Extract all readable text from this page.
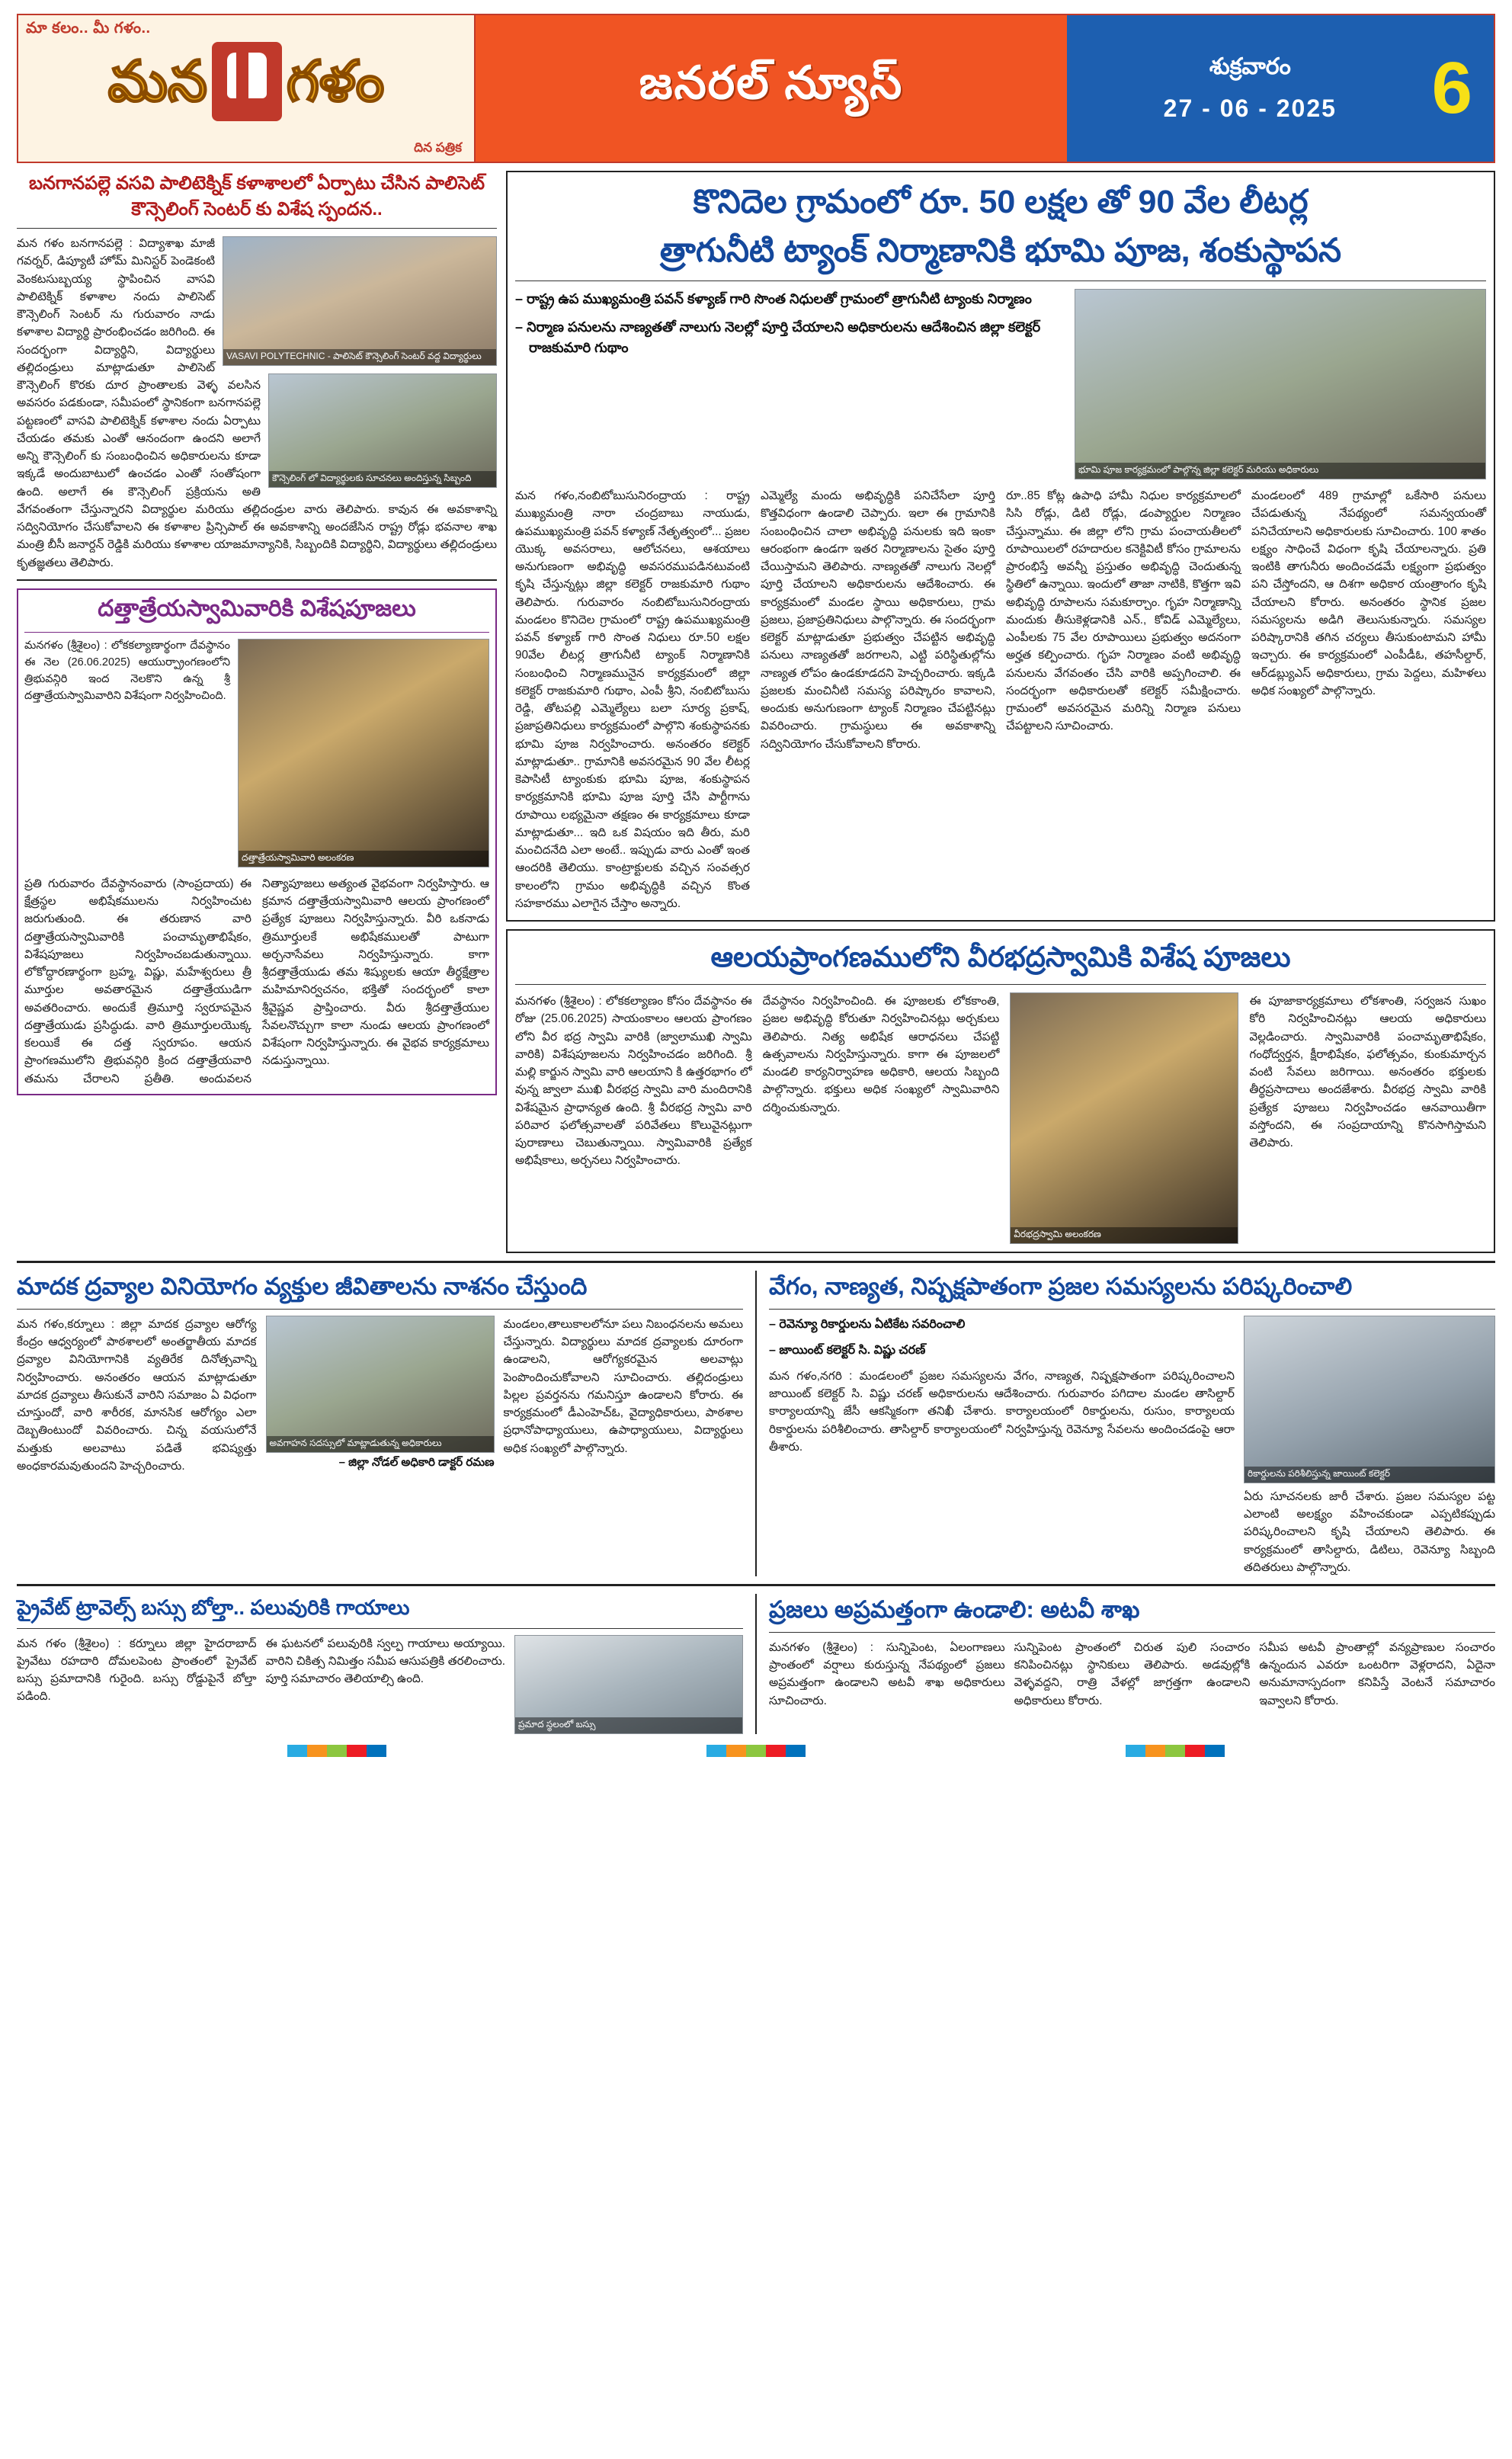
మా కలం.. మీ గళం..
మన గళం
దిన పత్రిక
జనరల్ న్యూస్	శుక్రవారం
27 - 06 - 2025	6
బనగానపల్లె వసవి పాలిటెక్నిక్ కళాశాలలో ఏర్పాటు చేసిన పాలిసెట్ కౌన్సెలింగ్ సెంటర్ కు విశేష స్పందన..
VASAVI POLYTECHNIC - పాలిసెట్ కౌన్సెలింగ్ సెంటర్ వద్ద విద్యార్థులు
కౌన్సెలింగ్ లో విద్యార్థులకు సూచనలు అందిస్తున్న సిబ్బంది
మన గళం బనగానపల్లె : విద్యాశాఖ మాజీ గవర్నర్, డిప్యూటీ హోమ్ మినిస్టర్ పెండెకంటి వెంకటసుబ్బయ్య స్థాపించిన వాసవి పాలిటెక్నిక్ కళాశాల నందు పాలిసెట్ కౌన్సెలింగ్ సెంటర్ ను గురువారం నాడు కళాశాల విద్యార్థి ప్రారంభించడం జరిగింది. ఈ సందర్భంగా విద్యార్థిని, విద్యార్థులు తల్లిదండ్రులు మాట్లాడుతూ పాలిసెట్ కౌన్సెలింగ్ కొరకు దూర ప్రాంతాలకు వెళ్ళ వలసిన అవసరం పడకుండా, సమీపంలో స్థానికంగా బనగానపల్లె పట్టణంలో వాసవి పాలిటెక్నిక్ కళాశాల నందు ఏర్పాటు చేయడం తమకు ఎంతో ఆనందంగా ఉందని అలాగే అన్ని కౌన్సెలింగ్ కు సంబంధించిన అధికారులను కూడా ఇక్కడే అందుబాటులో ఉంచడం ఎంతో సంతోషంగా ఉంది. అలాగే ఈ కౌన్సెలింగ్ ప్రక్రియను అతి వేగవంతంగా చేస్తున్నారని విద్యార్థుల మరియు తల్లిదండ్రుల వారు తెలిపారు. కావున ఈ అవకాశాన్ని సద్వినియోగం చేసుకోవాలని ఈ కళాశాల ప్రిన్సిపాల్ ఈ అవకాశాన్ని అందజేసిన రాష్ట్ర రోడ్లు భవనాల శాఖ మంత్రి బీసీ జనార్దన్ రెడ్డికి మరియు కళాశాల యాజమాన్యానికి, సిబ్బందికి విద్యార్థిని, విద్యార్థులు తల్లిదండ్రులు కృతజ్ఞతలు తెలిపారు.
దత్తాత్రేయస్వామివారికి విశేషపూజలు
దత్తాత్రేయస్వామివారి అలంకరణ
మనగళం (శ్రీశైలం) : లోకకల్యాణార్థంగా దేవస్థానం ఈ నెల (26.06.2025) ఆయుర్ప్రాంగణంలోని త్రిభువన్గిరి ఇంద నెలకొని ఉన్న శ్రీ దత్తాత్రేయస్వామివారిని విశేషంగా నిర్వహించింది.
ప్రతి గురువారం దేవస్థానంవారు (సాంప్రదాయ) ఈ క్షేత్రస్థల అభిషేకములను నిర్వహించుట జరుగుతుంది. ఈ తరుణాన వారి దత్తాత్రేయస్వామివారికి పంచామృతాభిషేకం, విశేషపూజలు నిర్వహించబడుతున్నాయి. లోకోద్ధారణార్థంగా బ్రహ్మ, విష్ణు, మహేశ్వరులు త్రీ మూర్తుల అవతారమైన దత్తాత్రేయుడిగా అవతరించారు. అందుకే త్రిమూర్తి స్వరూపమైన దత్తాత్రేయుడు ప్రసిద్ధుడు. వారి త్రిమూర్తులయొక్క కలయికే ఈ దత్త స్వరూపం. ఆయన ప్రాంగణములోని త్రిభువన్గిరి క్రింద దత్తాత్రేయవారి తమను చేరాలని ప్రతీతి. అందువలన నిత్యాపూజలు అత్యంత వైభవంగా నిర్వహిస్తారు. ఆ క్రమాన దత్తాత్రేయస్వామివారి ఆలయ ప్రాంగణంలో ప్రత్యేక పూజలు నిర్వహిస్తున్నారు. వీరి ఒకనాడు త్రిమూర్తులకే అభిషేకములతో పాటుగా అర్చనాసేవలు నిర్వహిస్తున్నారు. కాగా శ్రీదత్తాత్రేయుడు తమ శిష్యులకు ఆయా తీర్థక్షేత్రాల మహిమానిర్వచనం, భక్తితో సందర్భంలో కాలా శ్రీవైష్ణవ ప్రాప్తించారు. వీరు శ్రీదత్తాత్రేయుల సేవలనొచ్చుగా కాలా నుండు ఆలయ ప్రాంగణంలో విశేషంగా నిర్వహిస్తున్నారు. ఈ వైభవ కార్యక్రమాలు నడుస్తున్నాయి.
కొనిదెల గ్రామంలో రూ. 50 లక్షల తో 90 వేల లీటర్ల
త్రాగునీటి ట్యాంక్ నిర్మాణానికి భూమి పూజ, శంకుస్థాపన

– రాష్ట్ర ఉప ముఖ్యమంత్రి పవన్ కళ్యాణ్ గారి సొంత నిధులతో గ్రామంలో త్రాగునీటి ట్యాంకు నిర్మాణం

– నిర్మాణ పనులను నాణ్యతతో నాలుగు నెలల్లో పూర్తి చేయాలని అధికారులను ఆదేశించిన జిల్లా కలెక్టర్ రాజకుమారి గుథాం

భూమి పూజ కార్యక్రమంలో పాల్గొన్న జిల్లా కలెక్టర్ మరియు అధికారులు
మన గళం,నంబిటోబుసునిరంద్రాయ : రాష్ట్ర ముఖ్యమంత్రి నారా చంద్రబాబు నాయుడు, ఉపముఖ్యమంత్రి పవన్ కళ్యాణ్ నేతృత్వంలో... ప్రజల యొక్క అవసరాలు, ఆలోచనలు, ఆశయాలు అనుగుణంగా అభివృద్ధి అవసరముపడినటువంటి కృషి చేస్తున్నట్లు జిల్లా కలెక్టర్ రాజకుమారి గుథాం తెలిపారు. గురువారం నంబిటోబుసునిరంద్రాయ మండలం కొనిదెల గ్రామంలో రాష్ట్ర ఉపముఖ్యమంత్రి పవన్ కళ్యాణ్ గారి సొంత నిధులు రూ.50 లక్షల 90వేల లీటర్ల త్రాగునీటి ట్యాంక్ నిర్మాణానికి సంబంధించి నిర్మాణమునైన కార్యక్రమంలో జిల్లా కలెక్టర్ రాజకుమారి గుథాం, ఎంపీ శ్రీని, నంబిటోబుసు రెడ్డి, తోటపల్లి ఎమ్మెల్యేలు బలా సూర్య ప్రకాష్, ప్రజాప్రతినిధులు కార్యక్రమంలో పాల్గొని శంకుస్థాపనకు భూమి పూజ నిర్వహించారు. అనంతరం కలెక్టర్ మాట్లాడుతూ.. గ్రామానికి అవసరమైన 90 వేల లీటర్ల కెపాసిటీ ట్యాంకుకు భూమి పూజ, శంకుస్థాపన కార్యక్రమానికి భూమి పూజ పూర్తి చేసి పార్టీగాను రూపాయి లభ్యమైనా తక్షణం ఈ కార్యక్రమాలు కూడా మాట్లాడుతూ... ఇది ఒక విషయం ఇది తీరు, మరి మంచిదనేది ఎలా అంటే.. ఇప్పుడు వారు ఎంతో ఇంత ఆందరికి తెలియు. కాంట్రాక్టులకు వచ్చిన సంవత్సర కాలంలోని గ్రామం అభివృద్ధికి వచ్చిన కొంత సహకారము ఎలాగైన చేస్తాం అన్నారు.
ఎమ్మెల్యే మందు అభివృద్ధికి పనిచేసేలా పూర్తి కొత్తవిధంగా ఉండాలి చెప్పారు. ఇలా ఈ గ్రామానికి సంబంధించిన చాలా అభివృద్ధి పనులకు ఇది ఇంకా ఆరంభంగా ఉండగా ఇతర నిర్మాణాలను సైతం పూర్తి చేయిస్తామని తెలిపారు. నాణ్యతతో నాలుగు నెలల్లో పూర్తి చేయాలని అధికారులను ఆదేశించారు. ఈ కార్యక్రమంలో మండల స్థాయి అధికారులు, గ్రామ ప్రజలు, ప్రజాప్రతినిధులు పాల్గొన్నారు. ఈ సందర్భంగా కలెక్టర్ మాట్లాడుతూ ప్రభుత్వం చేపట్టిన అభివృద్ధి పనులు నాణ్యతతో జరగాలని, ఎట్టి పరిస్థితుల్లోను నాణ్యత లోపం ఉండకూడదని హెచ్చరించారు. ఇక్కడి ప్రజలకు మంచినీటి సమస్య పరిష్కారం కావాలని, అందుకు అనుగుణంగా ట్యాంక్ నిర్మాణం చేపట్టినట్లు వివరించారు. గ్రామస్థులు ఈ అవకాశాన్ని సద్వినియోగం చేసుకోవాలని కోరారు.
రూ..85 కోట్ల ఉపాధి హామీ నిధుల కార్యక్రమాలలో సిసి రోడ్లు, డిటి రోడ్లు, డంప్యార్డుల నిర్మాణం చేస్తున్నాము. ఈ జిల్లా లోని గ్రామ పంచాయతీలలో రూపాయిలలో రహదారుల కనెక్టివిటీ కోసం గ్రామాలను ప్రారంభిస్తే అవన్నీ ప్రస్తుతం అభివృద్ధి చెందుతున్న స్థితిలో ఉన్నాయి. ఇందులో తాజా నాటికి, కొత్తగా ఇవి అభివృద్ధి రూపాలను సమకూర్చాం. గృహ నిర్మాణాన్ని మందుకు తీసుకెళ్లడానికి ఎన్., కోవిడ్ ఎమ్మెల్యేలు, ఎంపీలకు 75 వేల రూపాయిలు ప్రభుత్వం అదనంగా అర్హత కల్పించారు. గృహ నిర్మాణం వంటి అభివృద్ధి పనులను వేగవంతం చేసి వారికి అప్పగించాలి. ఈ సందర్భంగా అధికారులతో కలెక్టర్ సమీక్షించారు. గ్రామంలో అవసరమైన మరిన్ని నిర్మాణ పనులు చేపట్టాలని సూచించారు.
మండలంలో 489 గ్రామాల్లో ఒకేసారి పనులు చేపడుతున్న నేపథ్యంలో సమన్వయంతో పనిచేయాలని అధికారులకు సూచించారు. 100 శాతం లక్ష్యం సాధించే విధంగా కృషి చేయాలన్నారు. ప్రతి ఇంటికి తాగునీరు అందించడమే లక్ష్యంగా ప్రభుత్వం పని చేస్తోందని, ఆ దిశగా అధికార యంత్రాంగం కృషి చేయాలని కోరారు. అనంతరం స్థానిక ప్రజల సమస్యలను అడిగి తెలుసుకున్నారు. సమస్యల పరిష్కారానికి తగిన చర్యలు తీసుకుంటామని హామీ ఇచ్చారు. ఈ కార్యక్రమంలో ఎంపీడీఓ, తహసీల్దార్, ఆర్‌డబ్ల్యుఎస్ అధికారులు, గ్రామ పెద్దలు, మహిళలు అధిక సంఖ్యలో పాల్గొన్నారు.
ఆలయప్రాంగణములోని వీరభద్రస్వామికి విశేష పూజలు
మనగళం (శ్రీశైలం) : లోకకల్యాణం కోసం దేవస్థానం ఈ రోజు (25.06.2025) సాయంకాలం ఆలయ ప్రాంగణం లోని వీర భద్ర స్వామి వారికి (జ్వాలాముఖి స్వామి వారికి) విశేషపూజలను నిర్వహించడం జరిగింది. శ్రీ మల్లి కార్జున స్వామి వారి ఆలయాని కి ఉత్తరభాగం లో వున్న జ్వాలా ముఖి వీరభద్ర స్వామి వారి మందిరానికి విశేషమైన ప్రాధాన్యత ఉంది. శ్రీ వీరభద్ర స్వామి వారి పరివార ఫలోత్సవాలతో పరివేతలు కొలువైనట్లుగా పురాణాలు చెబుతున్నాయి. స్వామివారికి ప్రత్యేక అభిషేకాలు, అర్చనలు నిర్వహించారు.
దేవస్థానం నిర్వహించింది. ఈ పూజలకు లోకకాంతి, ప్రజల అభివృద్ధి కోరుతూ నిర్వహించినట్లు అర్చకులు తెలిపారు. నిత్య అభిషేక ఆరాధనలు చేపట్టి ఉత్సవాలను నిర్వహిస్తున్నారు. కాగా ఈ పూజలలో మండలి కార్యనిర్వాహణ అధికారి, ఆలయ సిబ్బంది పాల్గొన్నారు. భక్తులు అధిక సంఖ్యలో స్వామివారిని దర్శించుకున్నారు.
వీరభద్రస్వామి అలంకరణ
ఈ పూజాకార్యక్రమాలు లోకశాంతి, సర్వజన సుఖం కోరి నిర్వహించినట్లు ఆలయ అధికారులు వెల్లడించారు. స్వామివారికి పంచామృతాభిషేకం, గంధోద్వర్తన, క్షీరాభిషేకం, ఫలోత్సవం, కుంకుమార్చన వంటి సేవలు జరిగాయి. అనంతరం భక్తులకు తీర్థప్రసాదాలు అందజేశారు. వీరభద్ర స్వామి వారికి ప్రత్యేక పూజలు నిర్వహించడం ఆనవాయితీగా వస్తోందని, ఈ సంప్రదాయాన్ని కొనసాగిస్తామని తెలిపారు.
మాదక ద్రవ్యాల వినియోగం వ్యక్తుల జీవితాలను నాశనం చేస్తుంది
మన గళం,కర్నూలు : జిల్లా మాదక ద్రవ్యాల ఆరోగ్య కేంద్రం ఆధ్వర్యంలో పాఠశాలలో అంతర్జాతీయ మాదక ద్రవ్యాల వినియోగానికి వ్యతిరేక దినోత్సవాన్ని నిర్వహించారు. అనంతరం ఆయన మాట్లాడుతూ మాదక ద్రవ్యాలు తీసుకునే వారిని సమాజం ఏ విధంగా చూస్తుందో, వారి శారీరక, మానసిక ఆరోగ్యం ఎలా దెబ్బతింటుందో వివరించారు. చిన్న వయసులోనే మత్తుకు అలవాటు పడితే భవిష్యత్తు అంధకారమవుతుందని హెచ్చరించారు.
అవగాహన సదస్సులో మాట్లాడుతున్న అధికారులు
– జిల్లా నోడల్ అధికారి డాక్టర్ రమణ
మండలం,తాలుకాలలోనూ పలు నిబంధనలను అమలు చేస్తున్నారు. విద్యార్థులు మాదక ద్రవ్యాలకు దూరంగా ఉండాలని, ఆరోగ్యకరమైన అలవాట్లు పెంపొందించుకోవాలని సూచించారు. తల్లిదండ్రులు పిల్లల ప్రవర్తనను గమనిస్తూ ఉండాలని కోరారు. ఈ కార్యక్రమంలో డీఎంహెచ్ఓ, వైద్యాధికారులు, పాఠశాల ప్రధానోపాధ్యాయులు, ఉపాధ్యాయులు, విద్యార్థులు అధిక సంఖ్యలో పాల్గొన్నారు.
వేగం, నాణ్యత, నిష్పక్షపాతంగా ప్రజల సమస్యలను పరిష్కరించాలి

– రెవెన్యూ రికార్డులను ఏటికేట సవరించాలి

– జాయింట్ కలెక్టర్ సి. విష్ణు చరణ్

మన గళం,నగరి : మండలంలో ప్రజల సమస్యలను వేగం, నాణ్యత, నిష్పక్షపాతంగా పరిష్కరించాలని జాయింట్ కలెక్టర్ సి. విష్ణు చరణ్ అధికారులను ఆదేశించారు. గురువారం పగిదాల మండల తాసిల్దార్ కార్యాలయాన్ని జేసీ ఆకస్మికంగా తనిఖీ చేశారు. కార్యాలయంలో రికార్డులను, రుసుం, కార్యాలయ రికార్డులను పరిశీలించారు. తాసిల్దార్ కార్యాలయంలో నిర్వహిస్తున్న రెవెన్యూ సేవలను అందించడంపై ఆరా తీశారు.
రికార్డులను పరిశీలిస్తున్న జాయింట్ కలెక్టర్
ఏరు సూచనలకు జారీ చేశారు. ప్రజల సమస్యల పట్ట ఎలాంటి అలక్ష్యం వహించకుండా ఎప్పటికప్పుడు పరిష్కరించాలని కృషి చేయాలని తెలిపారు. ఈ కార్యక్రమంలో తాసిల్దారు, డిటిలు, రెవెన్యూ సిబ్బంది తదితరులు పాల్గొన్నారు.
ప్రైవేట్ ట్రావెల్స్ బస్సు బోల్తా.. పలువురికి గాయాలు
మన గళం (శ్రీశైలం) : కర్నూలు జిల్లా హైదరాబాద్ ప్రైవేటు రహదారి దోమలపెంట ప్రాంతంలో ప్రైవేట్ బస్సు ప్రమాదానికి గురైంది. బస్సు రోడ్డుపైనే బోల్తా పడింది.
ఈ ఘటనలో పలువురికి స్వల్ప గాయాలు అయ్యాయి. వారిని చికిత్స నిమిత్తం సమీప ఆసుపత్రికి తరలించారు. పూర్తి సమాచారం తెలియాల్సి ఉంది.
ప్రమాద స్థలంలో బస్సు
ప్రజలు అప్రమత్తంగా ఉండాలి: అటవీ శాఖ
మనగళం (శ్రీశైలం) : సున్నిపెంట, ఏలంగాణలు ప్రాంతంలో వర్షాలు కురుస్తున్న నేపథ్యంలో ప్రజలు అప్రమత్తంగా ఉండాలని అటవీ శాఖ అధికారులు సూచించారు.
సున్నిపెంట ప్రాంతంలో చిరుత పులి సంచారం కనిపించినట్లు స్థానికులు తెలిపారు. అడవుల్లోకి వెళ్ళవద్దని, రాత్రి వేళల్లో జాగ్రత్తగా ఉండాలని అధికారులు కోరారు.
సమీప అటవీ ప్రాంతాల్లో వన్యప్రాణుల సంచారం ఉన్నందున ఎవరూ ఒంటరిగా వెళ్లరాదని, ఏదైనా అనుమానాస్పదంగా కనిపిస్తే వెంటనే సమాచారం ఇవ్వాలని కోరారు.
